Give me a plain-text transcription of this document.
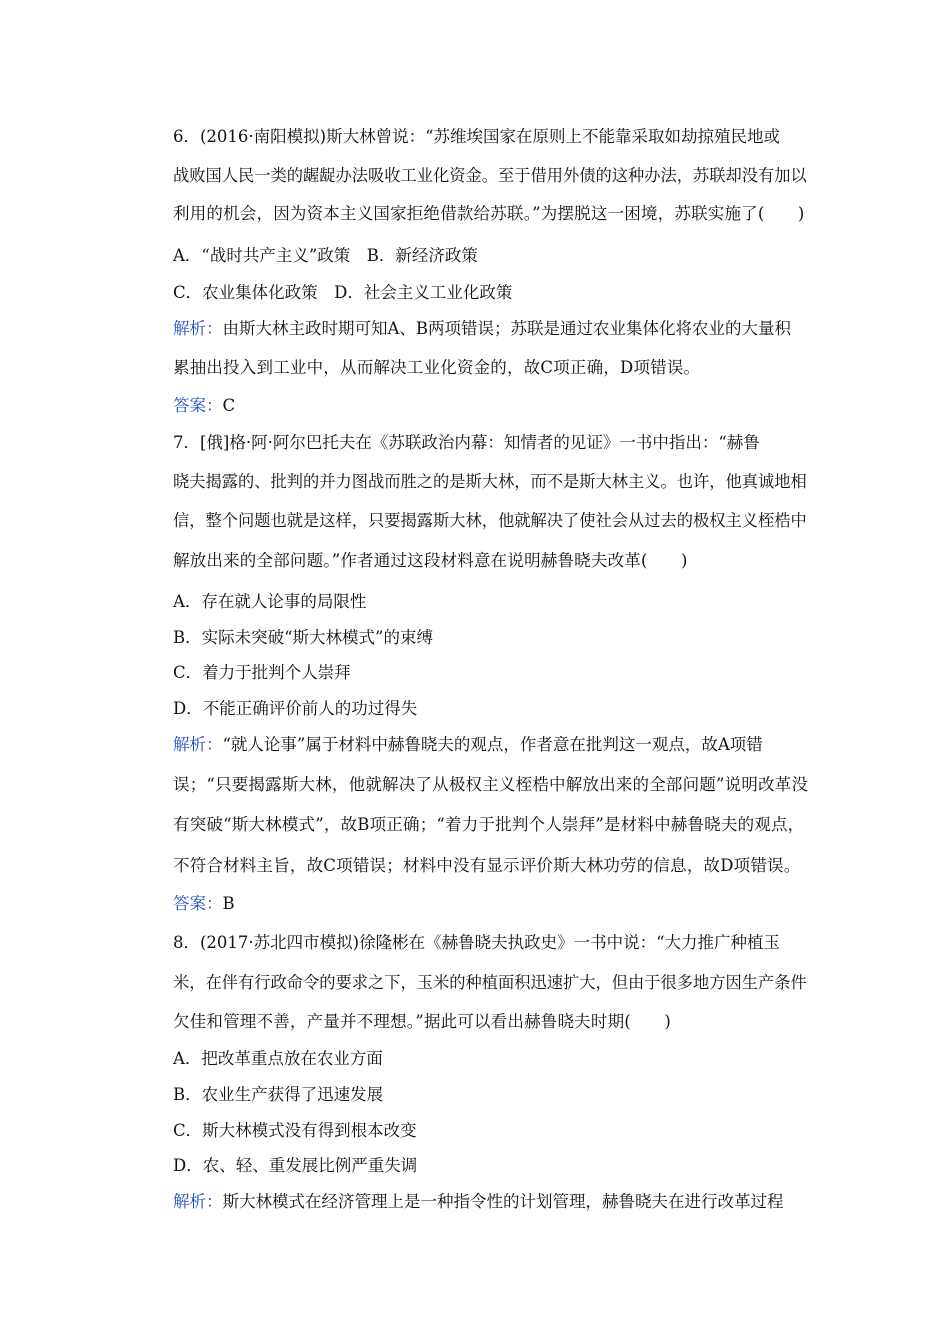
6．(2016·南阳模拟)斯大林曾说：“苏维埃国家在原则上不能靠采取如劫掠殖民地或
战败国人民一类的龌龊办法吸收工业化资金。至于借用外债的这种办法，苏联却没有加以
利用的机会，因为资本主义国家拒绝借款给苏联。”为摆脱这一困境，苏联实施了(　　)
A．“战时共产主义”政策　B．新经济政策
C．农业集体化政策　D．社会主义工业化政策
解析：由斯大林主政时期可知A、B两项错误；苏联是通过农业集体化将农业的大量积
累抽出投入到工业中，从而解决工业化资金的，故C项正确，D项错误。
答案：C
7．[俄]格·阿·阿尔巴托夫在《苏联政治内幕：知情者的见证》一书中指出：“赫鲁
晓夫揭露的、批判的并力图战而胜之的是斯大林，而不是斯大林主义。也许，他真诚地相
信，整个问题也就是这样，只要揭露斯大林，他就解决了使社会从过去的极权主义桎梏中
解放出来的全部问题。”作者通过这段材料意在说明赫鲁晓夫改革(　　)
A．存在就人论事的局限性
B．实际未突破“斯大林模式”的束缚
C．着力于批判个人崇拜
D．不能正确评价前人的功过得失
解析：“就人论事”属于材料中赫鲁晓夫的观点，作者意在批判这一观点，故A项错
误；“只要揭露斯大林，他就解决了从极权主义桎梏中解放出来的全部问题”说明改革没
有突破“斯大林模式”，故B项正确；“着力于批判个人崇拜”是材料中赫鲁晓夫的观点，
不符合材料主旨，故C项错误；材料中没有显示评价斯大林功劳的信息，故D项错误。
答案：B
8．(2017·苏北四市模拟)徐隆彬在《赫鲁晓夫执政史》一书中说：“大力推广种植玉
米，在伴有行政命令的要求之下，玉米的种植面积迅速扩大，但由于很多地方因生产条件
欠佳和管理不善，产量并不理想。”据此可以看出赫鲁晓夫时期(　　)
A．把改革重点放在农业方面
B．农业生产获得了迅速发展
C．斯大林模式没有得到根本改变
D．农、轻、重发展比例严重失调
解析：斯大林模式在经济管理上是一种指令性的计划管理，赫鲁晓夫在进行改革过程
